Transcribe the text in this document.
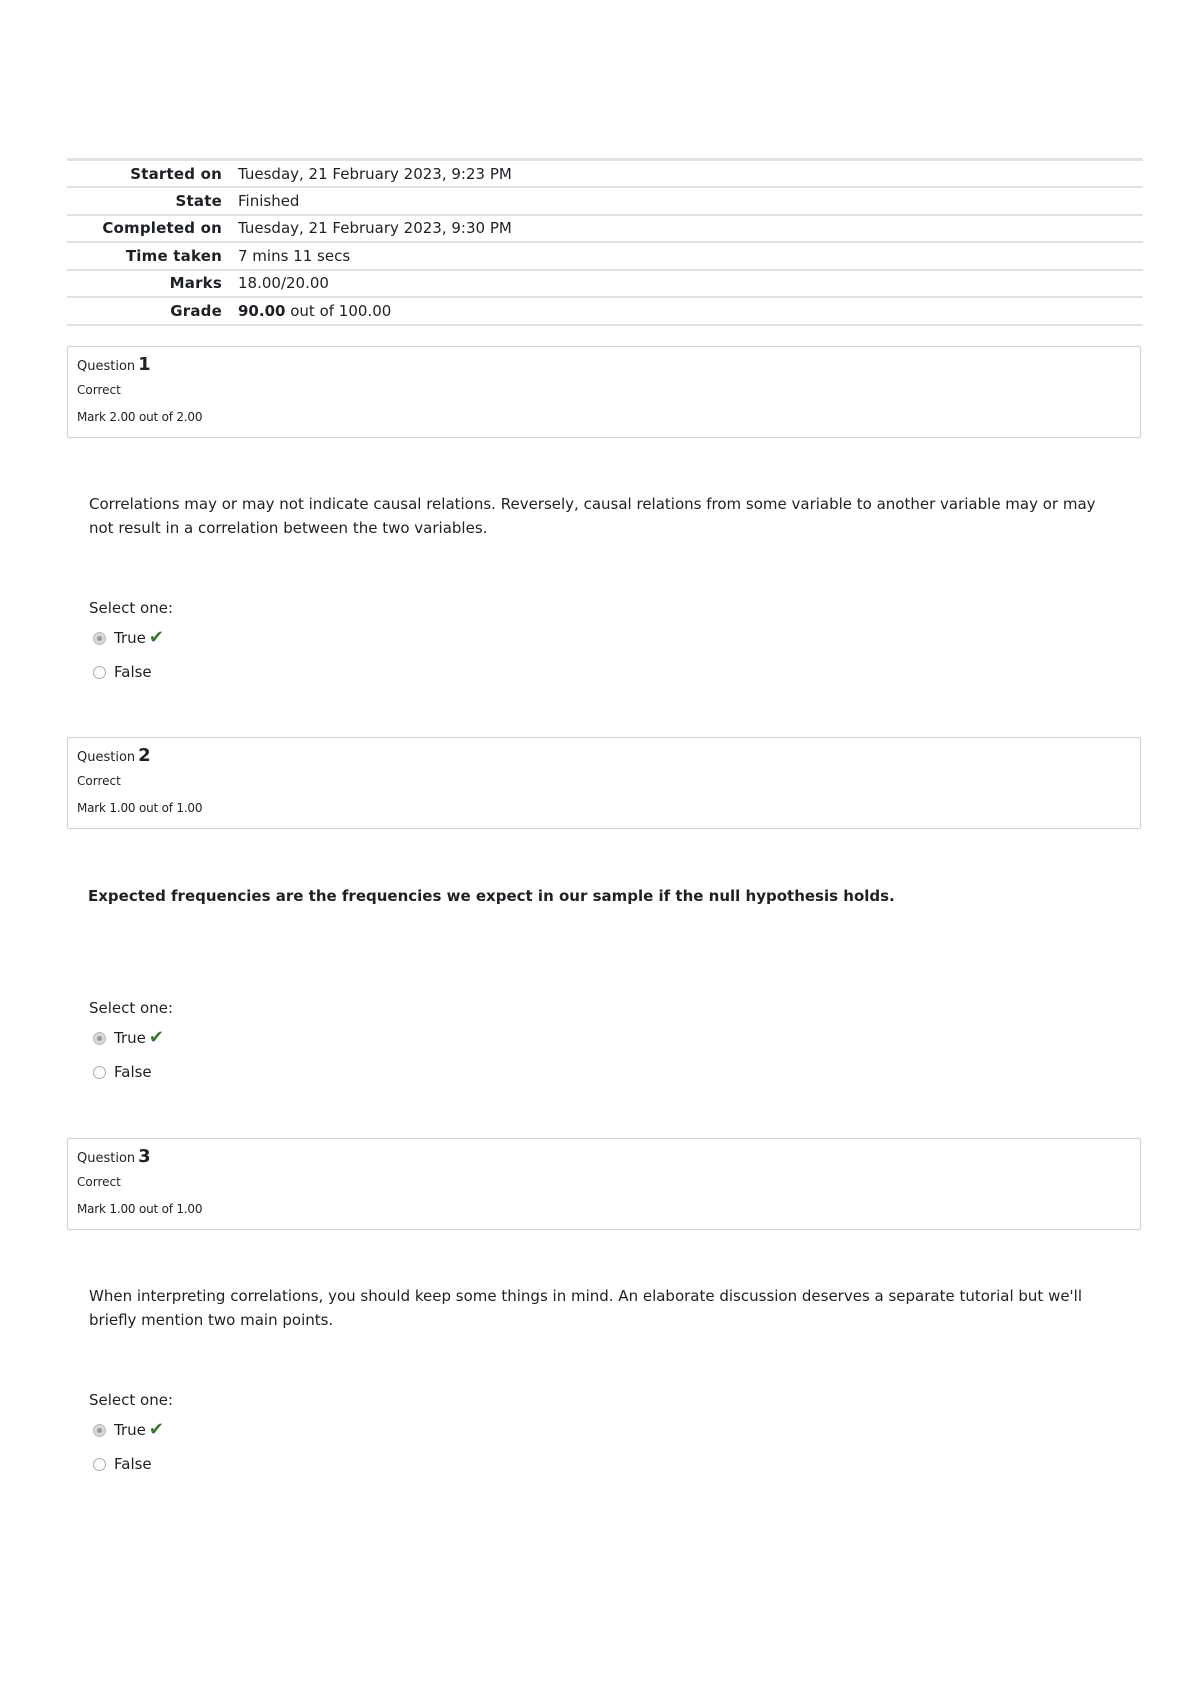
Started on	Tuesday, 21 February 2023, 9:23 PM
State	Finished
Completed on	Tuesday, 21 February 2023, 9:30 PM
Time taken	7 mins 11 secs
Marks	18.00/20.00
Grade	90.00 out of 100.00
Question 1
Correct
Mark 2.00 out of 2.00
Correlations may or may not indicate causal relations. Reversely, causal relations from some variable to another variable may or may not result in a correlation between the two variables.
Select one:
True ✔
False
Question 2
Correct
Mark 1.00 out of 1.00
Expected frequencies are the frequencies we expect in our sample if the null hypothesis holds.
Select one:
True ✔
False
Question 3
Correct
Mark 1.00 out of 1.00
When interpreting correlations, you should keep some things in mind. An elaborate discussion deserves a separate tutorial but we'll briefly mention two main points.
Select one:
True ✔
False
